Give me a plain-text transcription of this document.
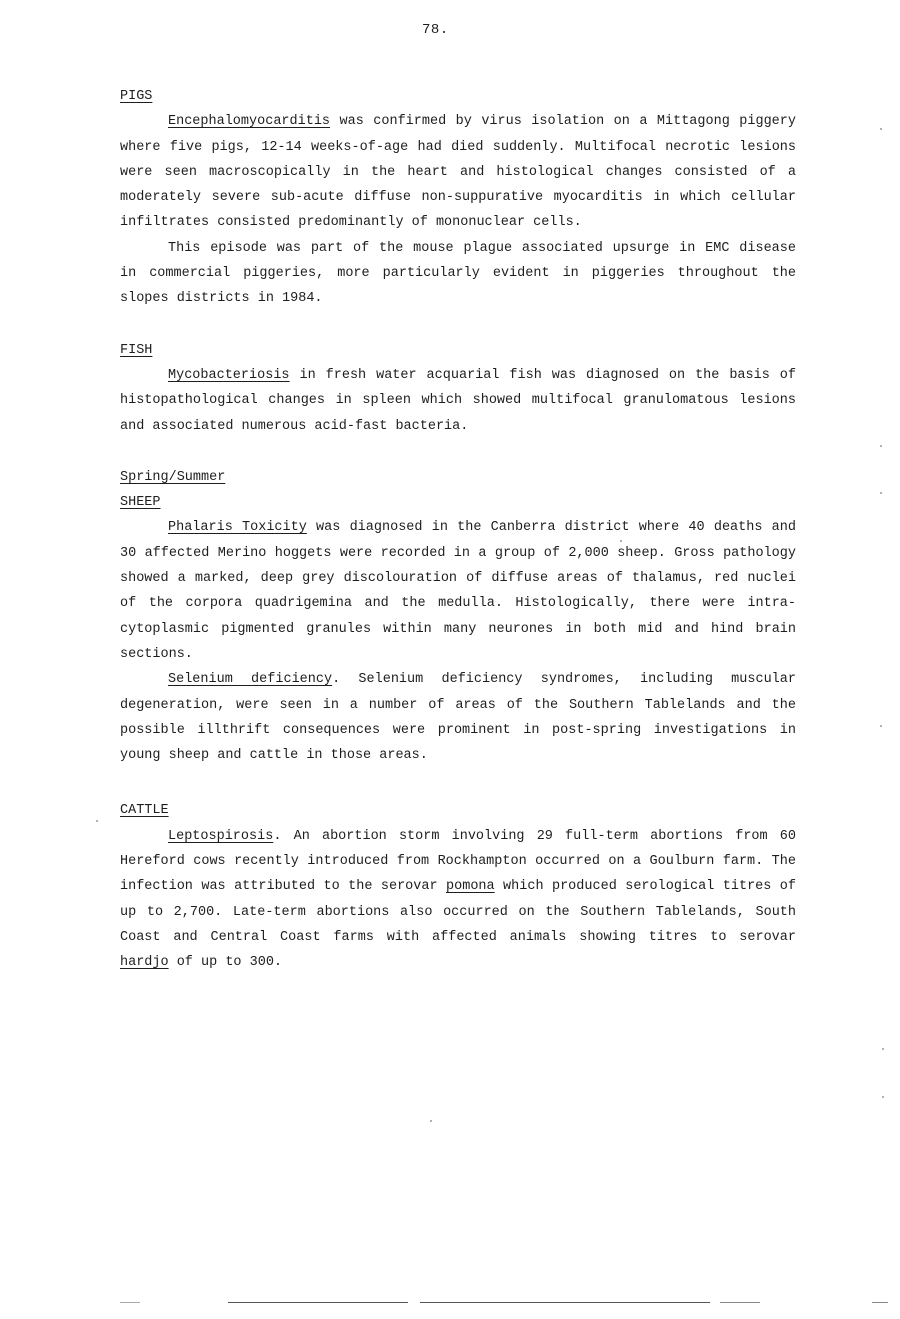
78.
PIGS

Encephalomyocarditis was confirmed by virus isolation on a Mittagong piggery where five pigs, 12-14 weeks-of-age had died suddenly. Multifocal necrotic lesions were seen macroscopically in the heart and histological changes consisted of a moderately severe sub-acute diffuse non-suppurative myocarditis in which cellular infiltrates consisted predominantly of mononuclear cells.

This episode was part of the mouse plague associated upsurge in EMC disease in commercial piggeries, more particularly evident in piggeries throughout the slopes districts in 1984.

FISH

Mycobacteriosis in fresh water acquarial fish was diagnosed on the basis of histopathological changes in spleen which showed multifocal granulomatous lesions and associated numerous acid-fast bacteria.

Spring/Summer
SHEEP

Phalaris Toxicity was diagnosed in the Canberra district where 40 deaths and 30 affected Merino hoggets were recorded in a group of 2,000 sheep. Gross pathology showed a marked, deep grey discolouration of diffuse areas of thalamus, red nuclei of the corpora quadrigemina and the medulla. Histologically, there were intra-cytoplasmic pigmented granules within many neurones in both mid and hind brain sections.

Selenium deficiency. Selenium deficiency syndromes, including muscular degeneration, were seen in a number of areas of the Southern Tablelands and the possible illthrift consequences were prominent in post-spring investigations in young sheep and cattle in those areas.

CATTLE

Leptospirosis. An abortion storm involving 29 full-term abortions from 60 Hereford cows recently introduced from Rockhampton occurred on a Goulburn farm. The infection was attributed to the serovar pomona which produced serological titres of up to 2,700. Late-term abortions also occurred on the Southern Tablelands, South Coast and Central Coast farms with affected animals showing titres to serovar hardjo of up to 300.
